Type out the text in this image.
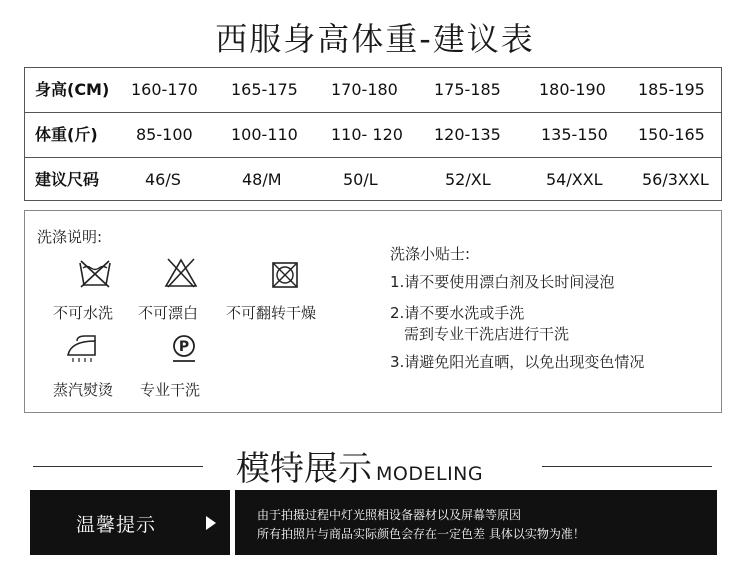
西服身高体重-建议表
身高(CM) 160-170 165-175 170-180 175-185 180-190 185-195
体重(斤) 85-100 100-110 110- 120 120-135	135-150 150-165
建议尺码	46/S	48/M	50/L	52/XL	54/XXL 56/3XXL
洗涤说明:
不可水洗 不可漂白 不可翻转干燥
蒸汽熨烫
P
专业干洗
洗涤小贴士:
1.请不要使用漂白剂及长时间浸泡
2.请不要水洗或手洗
需到专业干洗店进行干洗
3.请避免阳光直晒，以免出现变色情况
模特展示 MODELING
温馨提示	由于拍摄过程中灯光照相设备器材以及屏幕等原因
所有拍照片与商品实际颜色会存在一定色差 具体以实物为准！
